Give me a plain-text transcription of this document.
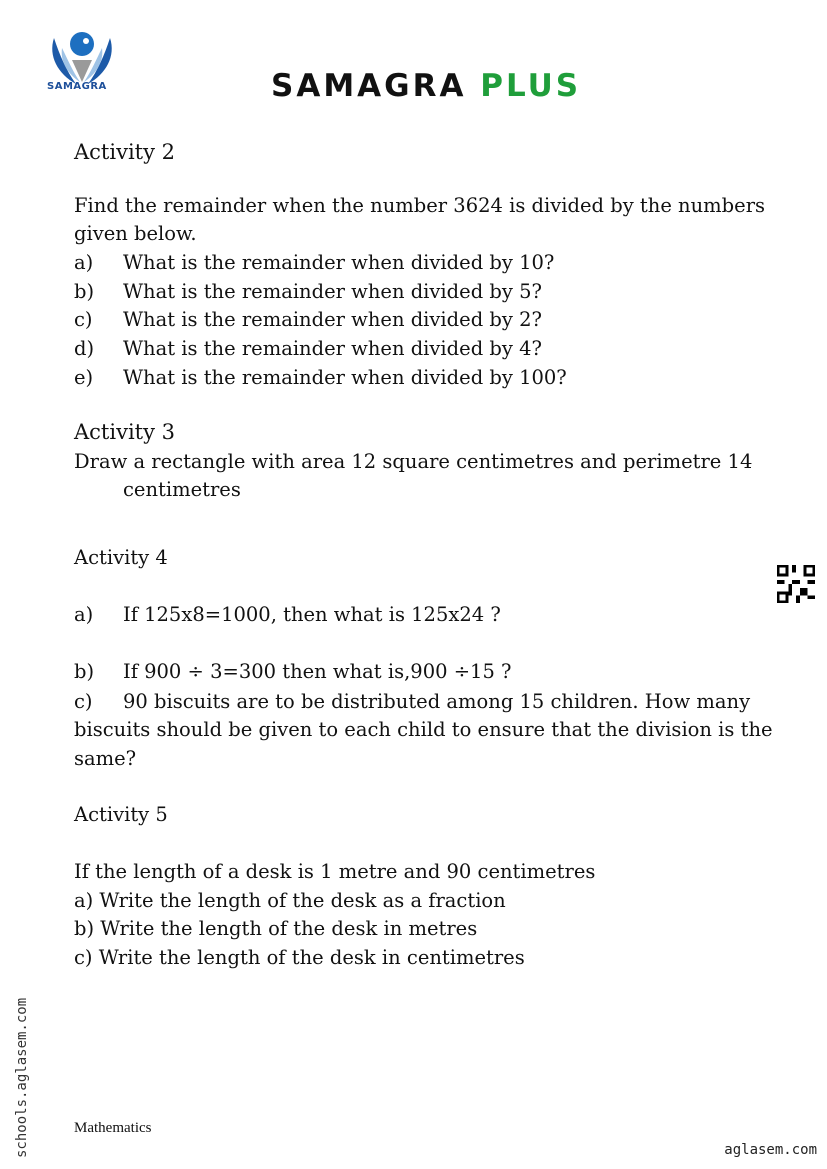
SAMAGRA	SAMAGRA PLUS
Activity 2
Find the remainder when the number 3624 is divided by the numbers
given below.
a) What is the remainder when divided by 10?
b) What is the remainder when divided by 5?
c) What is the remainder when divided by 2?
d) What is the remainder when divided by 4?
e) What is the remainder when divided by 100?
Activity 3
Draw a rectangle with area 12 square centimetres and perimetre 14
centimetres
Activity 4
a) If 125x8=1000, then what is 125x24 ?
b) If 900 ÷ 3=300 then what is,900 ÷15 ?
c) 90 biscuits are to be distributed among 15 children. How many
biscuits should be given to each child to ensure that the division is the
same?
Activity 5
If the length of a desk is 1 metre and 90 centimetres
a) Write the length of the desk as a fraction
b) Write the length of the desk in metres
c) Write the length of the desk in centimetres
schools.aglasem.com	Mathematics
aglasem.com
